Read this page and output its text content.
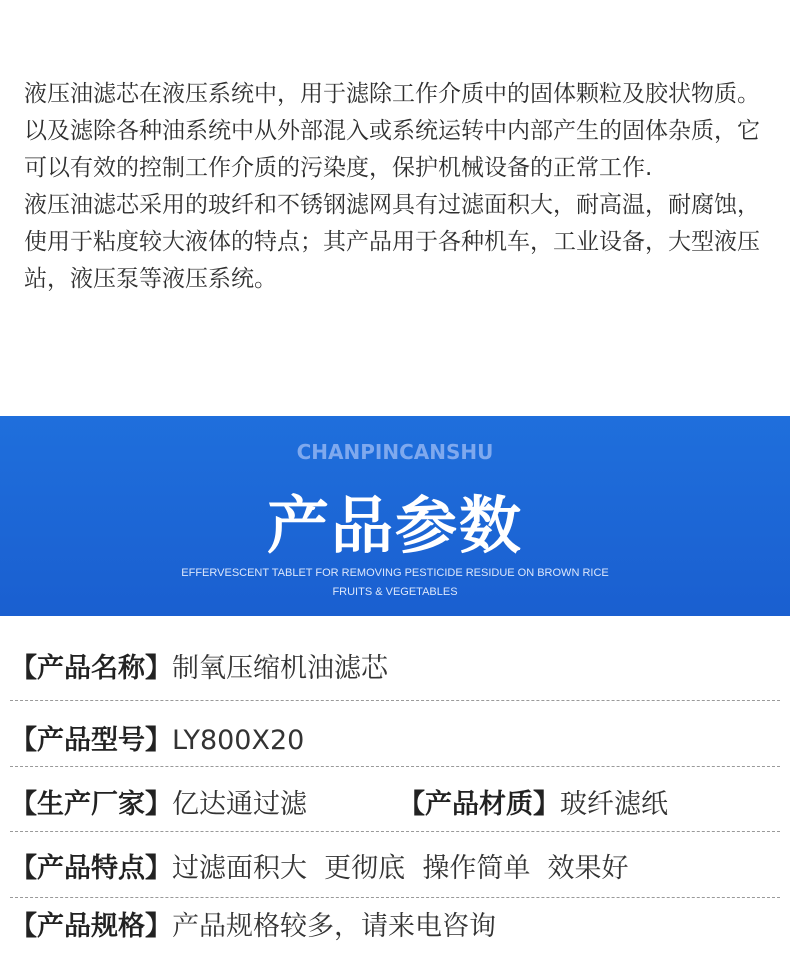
液压油滤芯在液压系统中，用于滤除工作介质中的固体颗粒及胶状物质。以及滤除各种油系统中从外部混入或系统运转中内部产生的固体杂质，它可以有效的控制工作介质的污染度，保护机械设备的正常工作.

液压油滤芯采用的玻纤和不锈钢滤网具有过滤面积大，耐高温，耐腐蚀，使用于粘度较大液体的特点；其产品用于各种机车，工业设备，大型液压站，液压泵等液压系统。

CHANPINCANSHU
产品参数
EFFERVESCENT TABLET FOR REMOVING PESTICIDE RESIDUE ON BROWN RICE
FRUITS & VEGETABLES
【产品名称】制氧压缩机油滤芯
【产品型号】LY800X20
【生产厂家】亿达通过滤	【产品材质】玻纤滤纸
【产品特点】过滤面积大  更彻底  操作简单  效果好
【产品规格】产品规格较多，请来电咨询
